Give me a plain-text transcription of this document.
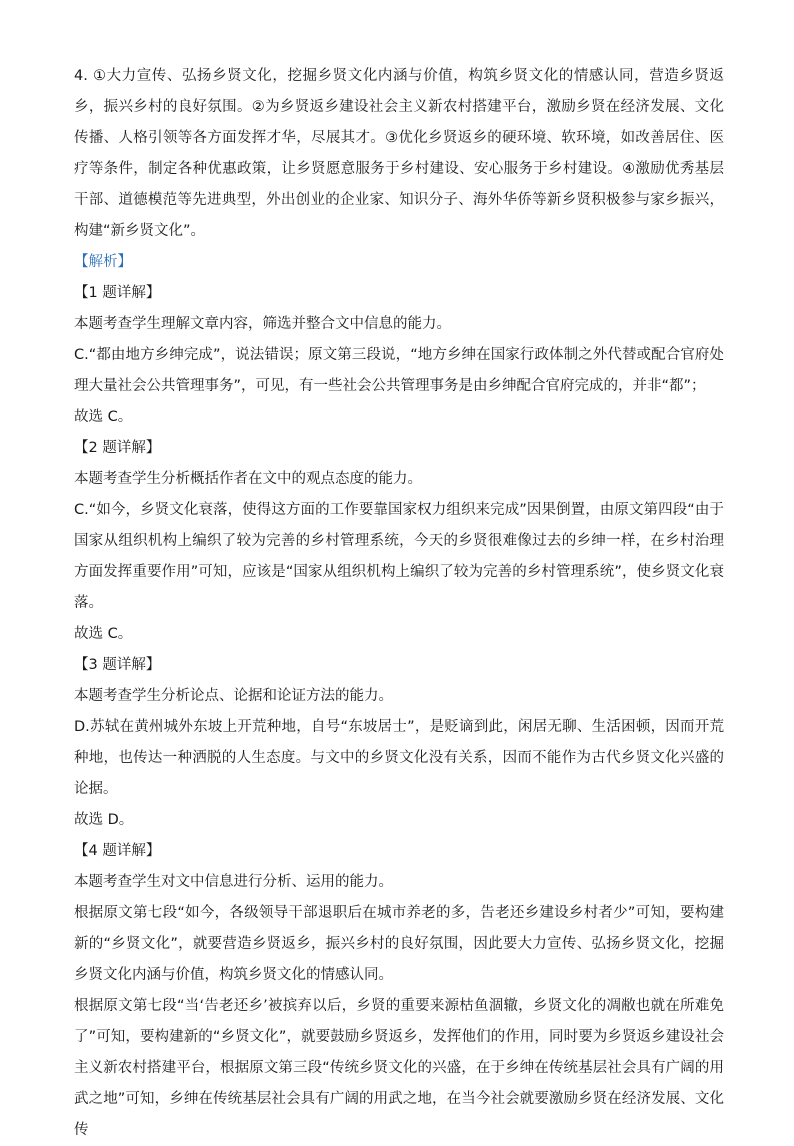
4. ①大力宣传、弘扬乡贤文化，挖掘乡贤文化内涵与价值，构筑乡贤文化的情感认同，营造乡贤返乡，振兴乡村的良好氛围。②为乡贤返乡建设社会主义新农村搭建平台，激励乡贤在经济发展、文化传播、人格引领等各方面发挥才华，尽展其才。③优化乡贤返乡的硬环境、软环境，如改善居住、医疗等条件，制定各种优惠政策，让乡贤愿意服务于乡村建设、安心服务于乡村建设。④激励优秀基层干部、道德模范等先进典型，外出创业的企业家、知识分子、海外华侨等新乡贤积极参与家乡振兴，构建“新乡贤文化”。

【解析】

【1 题详解】

本题考查学生理解文章内容，筛选并整合文中信息的能力。

C.“都由地方乡绅完成”，说法错误；原文第三段说，“地方乡绅在国家行政体制之外代替或配合官府处理大量社会公共管理事务”，可见，有一些社会公共管理事务是由乡绅配合官府完成的，并非“都”；

故选 C。

【2 题详解】

本题考查学生分析概括作者在文中的观点态度的能力。

C.“如今，乡贤文化衰落，使得这方面的工作要靠国家权力组织来完成”因果倒置，由原文第四段“由于国家从组织机构上编织了较为完善的乡村管理系统，今天的乡贤很难像过去的乡绅一样，在乡村治理方面发挥重要作用”可知，应该是“国家从组织机构上编织了较为完善的乡村管理系统”，使乡贤文化衰落。

故选 C。

【3 题详解】

本题考查学生分析论点、论据和论证方法的能力。

D.苏轼在黄州城外东坡上开荒种地，自号“东坡居士”，是贬谪到此，闲居无聊、生活困顿，因而开荒种地，也传达一种洒脱的人生态度。与文中的乡贤文化没有关系，因而不能作为古代乡贤文化兴盛的论据。

故选 D。

【4 题详解】

本题考查学生对文中信息进行分析、运用的能力。

根据原文第七段“如今，各级领导干部退职后在城市养老的多，告老还乡建设乡村者少”可知，要构建新的“乡贤文化”，就要营造乡贤返乡，振兴乡村的良好氛围，因此要大力宣传、弘扬乡贤文化，挖掘乡贤文化内涵与价值，构筑乡贤文化的情感认同。

根据原文第七段“当‘告老还乡’被摈弃以后，乡贤的重要来源枯鱼涸辙，乡贤文化的凋敝也就在所难免了”可知，要构建新的“乡贤文化”，就要鼓励乡贤返乡，发挥他们的作用，同时要为乡贤返乡建设社会主义新农村搭建平台，根据原文第三段“传统乡贤文化的兴盛，在于乡绅在传统基层社会具有广阔的用武之地”可知，乡绅在传统基层社会具有广阔的用武之地，在当今社会就要激励乡贤在经济发展、文化传
